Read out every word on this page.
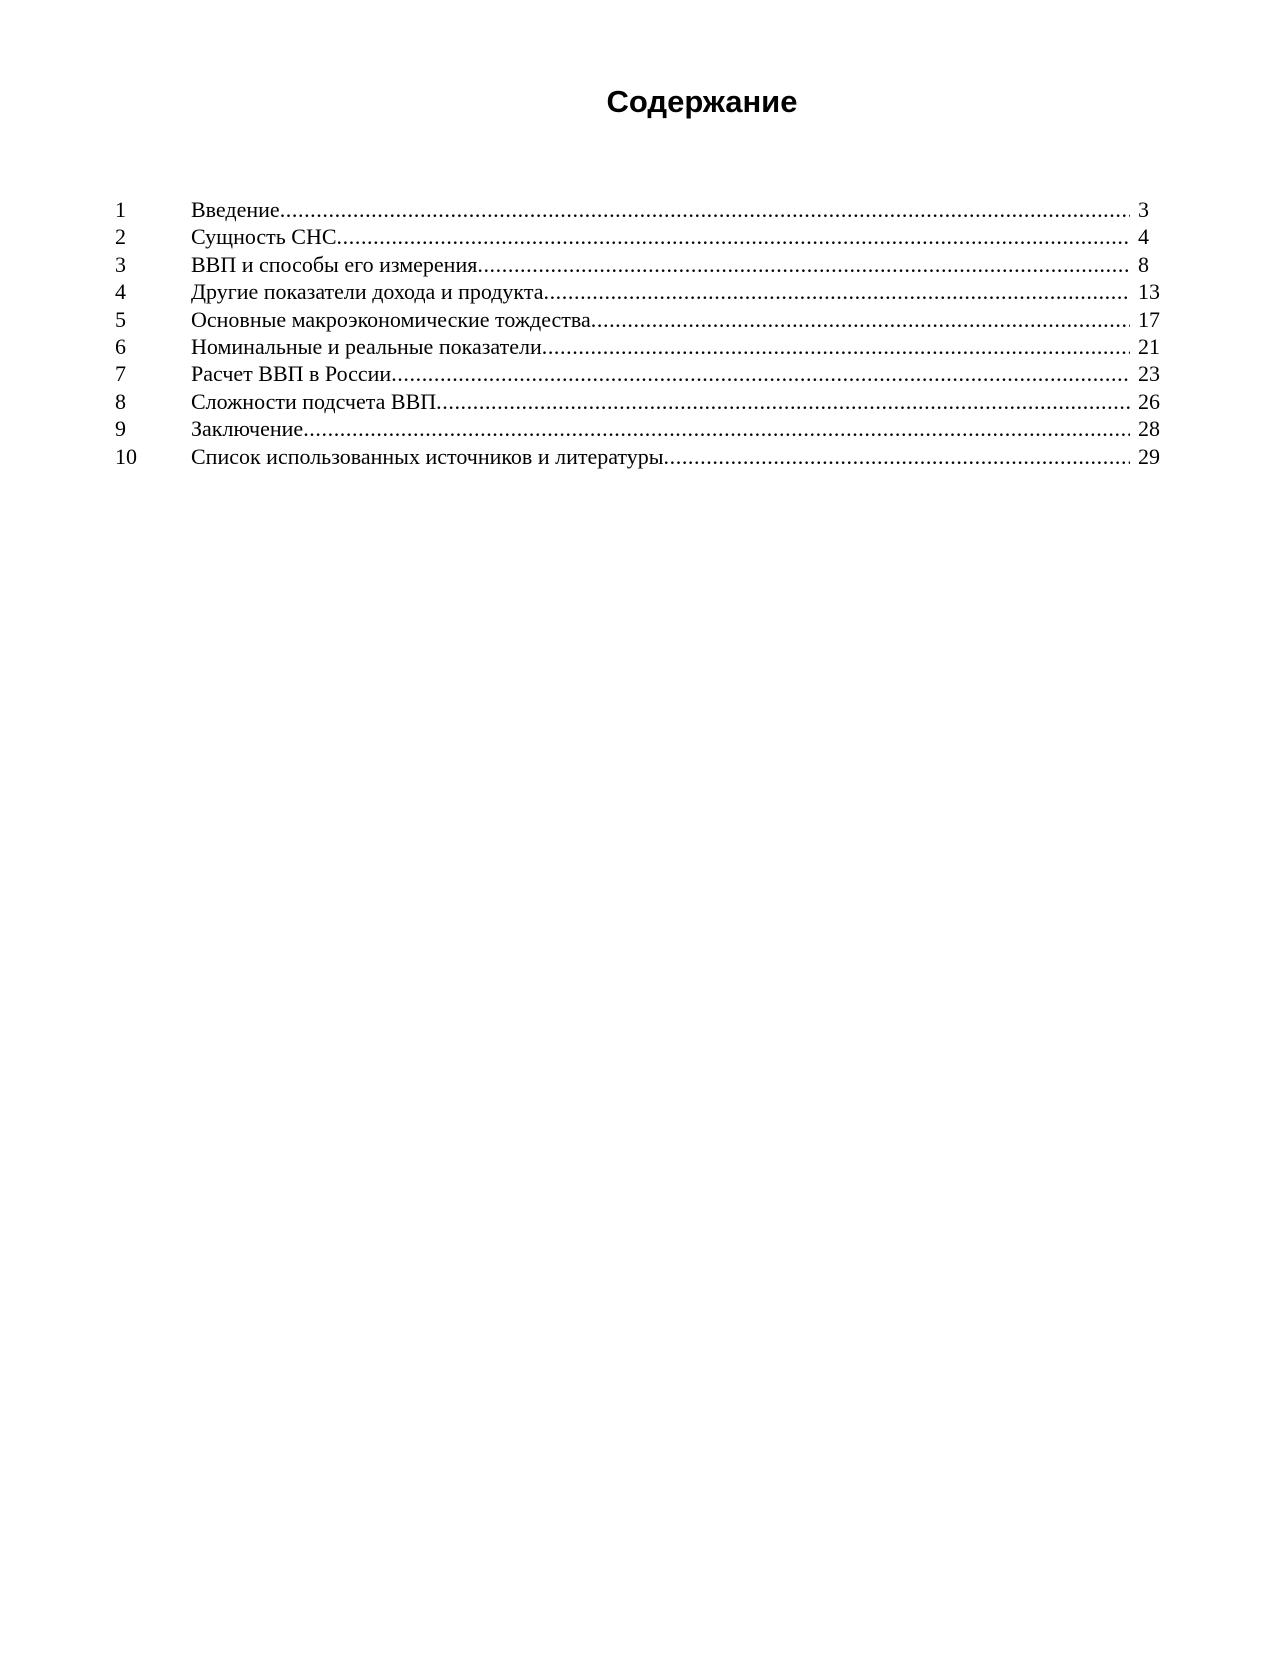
Содержание
1	Введение .....	3
2	Сущность СНС .....	4
3	ВВП и способы его измерения .....	8
4	Другие показатели дохода и продукта .....	13
5	Основные макроэкономические тождества .....	17
6	Номинальные и реальные показатели .....	21
7	Расчет ВВП в России .....	23
8	Сложности подсчета ВВП .....	26
9	Заключение .....	28
10	Список использованных источников и литературы .....	29
